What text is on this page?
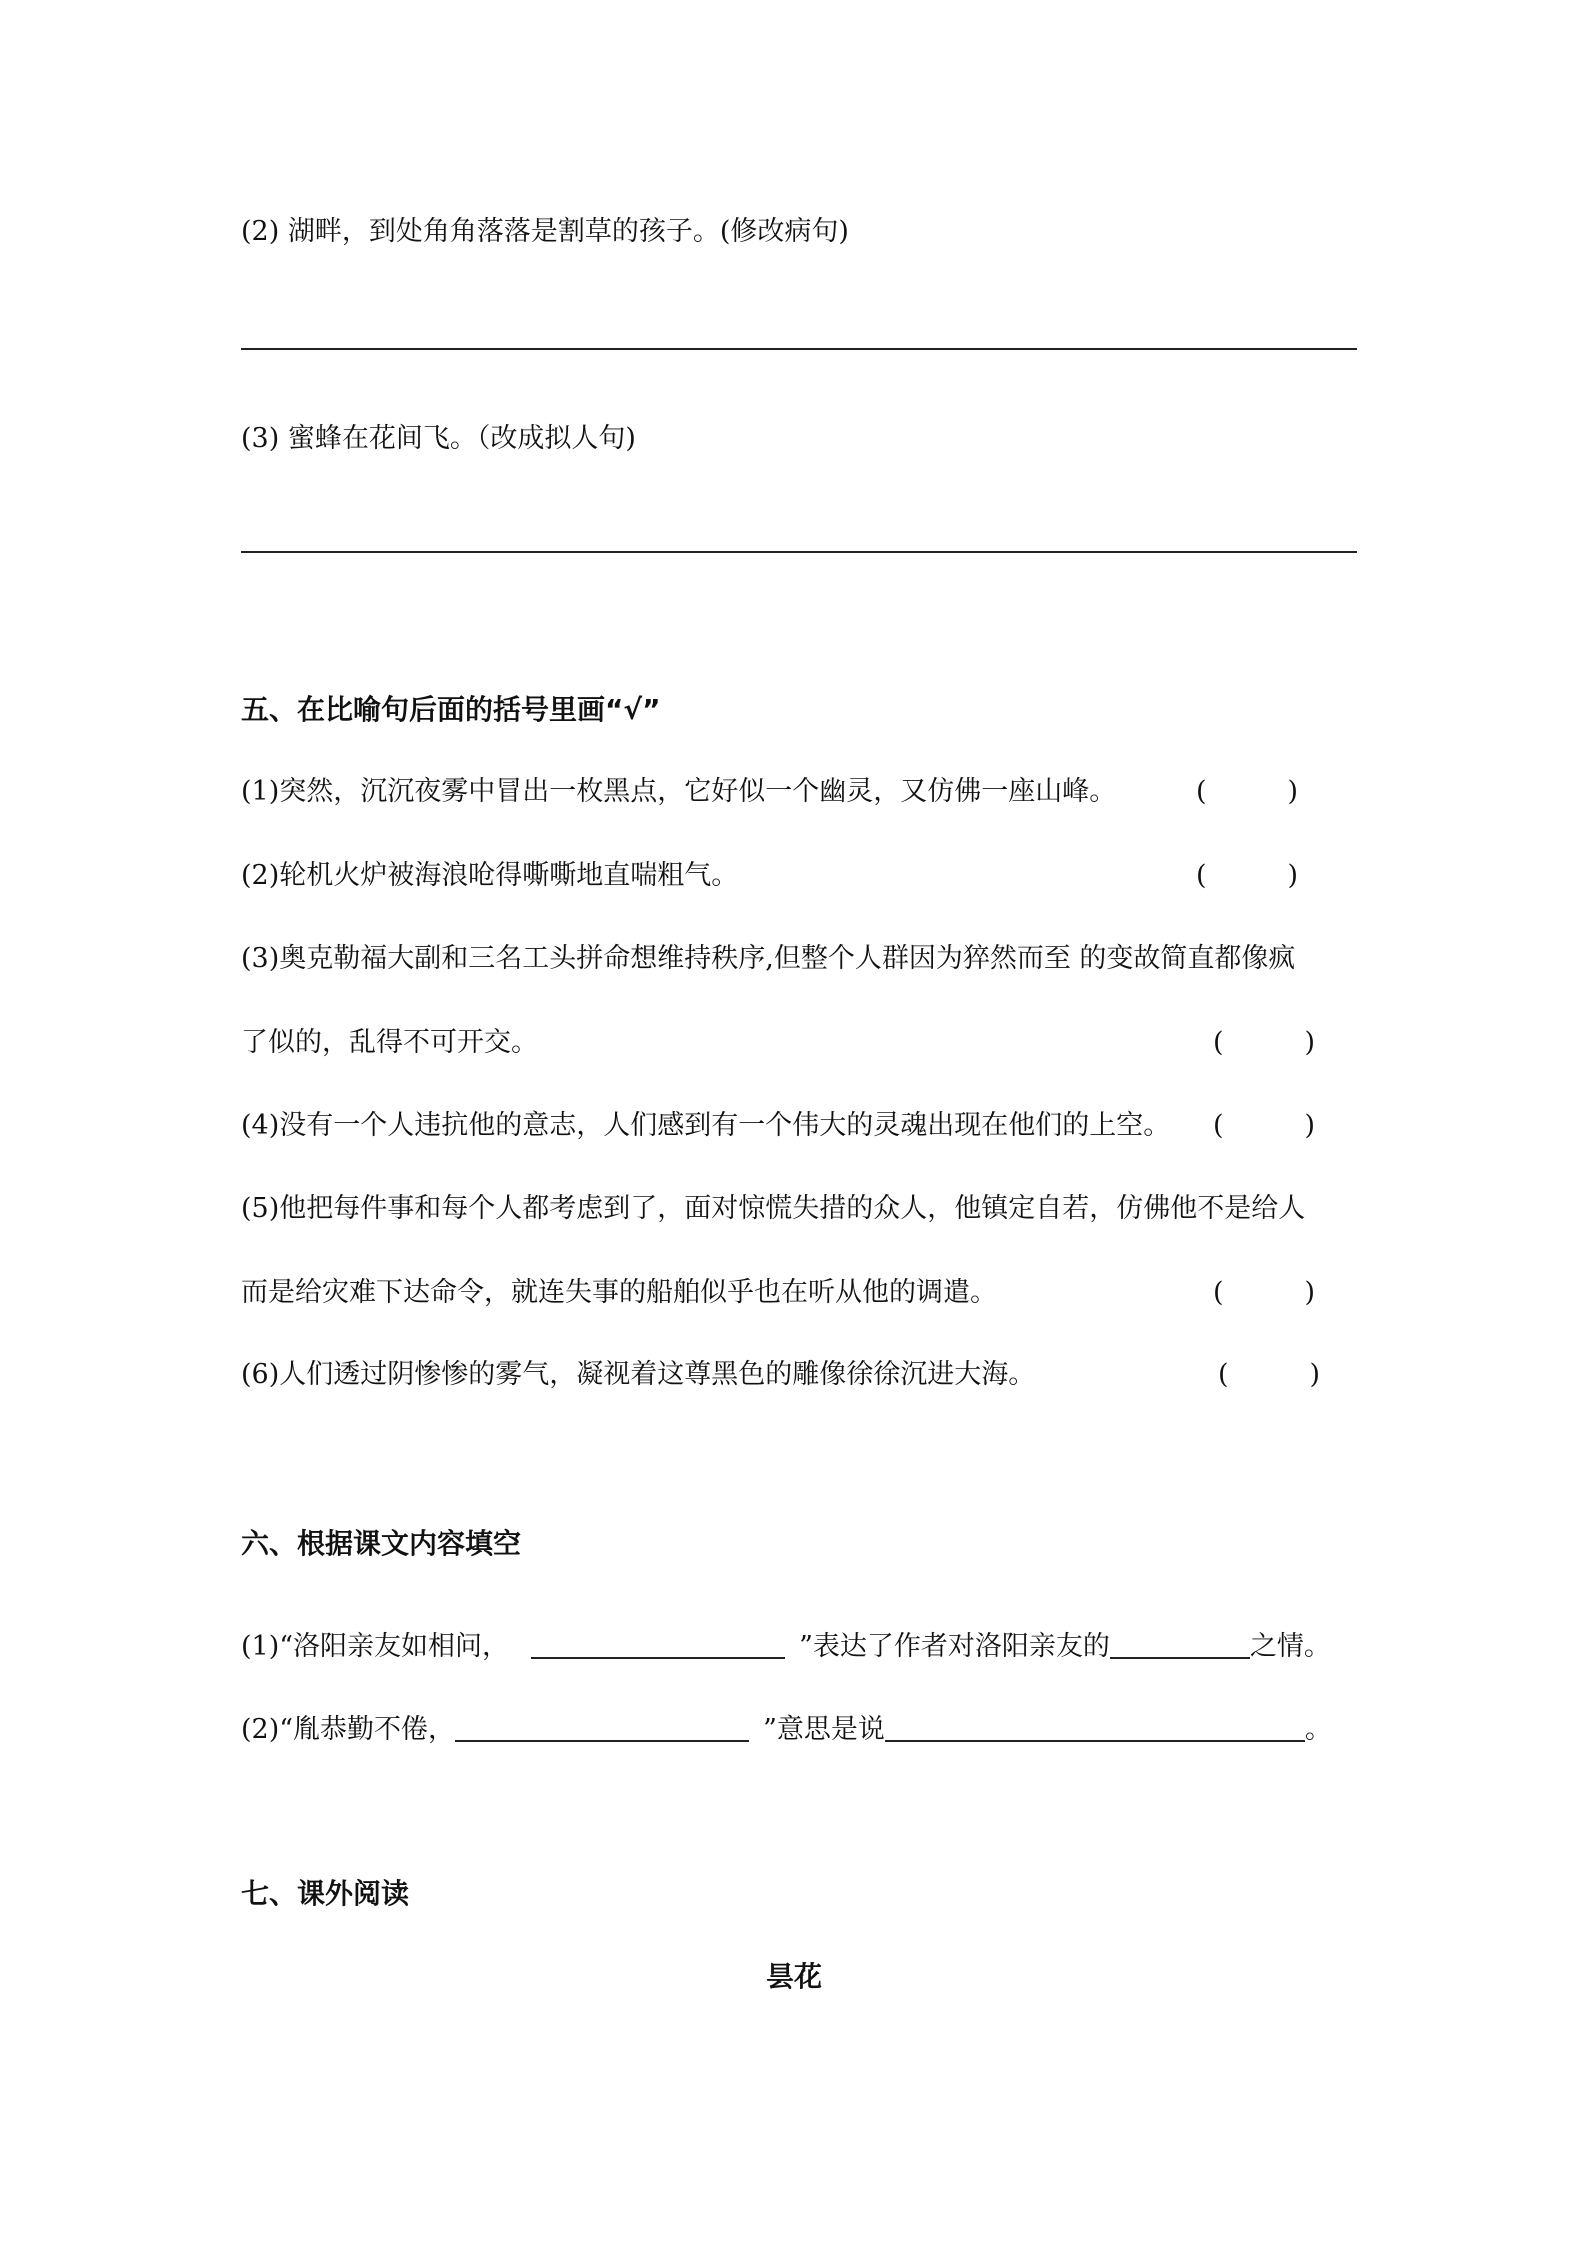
(2) 湖畔，到处角角落落是割草的孩子。(修改病句)
(3) 蜜蜂在花间飞。（改成拟人句)
五、在比喻句后面的括号里画“√”
(1)突然，沉沉夜雾中冒出一枚黑点，它好似一个幽灵，又仿佛一座山峰。	(　　　)
(2)轮机火炉被海浪呛得嘶嘶地直喘粗气。	(　　　)
(3)奥克勒福大副和三名工头拼命想维持秩序,但整个人群因为猝然而至 的变故简直都像疯
了似的，乱得不可开交。	(　　　)
(4)没有一个人违抗他的意志，人们感到有一个伟大的灵魂出现在他们的上空。 (　　　)
(5)他把每件事和每个人都考虑到了，面对惊慌失措的众人，他镇定自若，仿佛他不是给人
而是给灾难下达命令，就连失事的船舶似乎也在听从他的调遣。	(　　　)
(6)人们透过阴惨惨的雾气，凝视着这尊黑色的雕像徐徐沉进大海。	(　　　)
六、根据课文内容填空
(1)“洛阳亲友如相问，	”表达了作者对洛阳亲友的	之情。
(2)“胤恭勤不倦，	”意思是说	。
七、课外阅读
昙花
